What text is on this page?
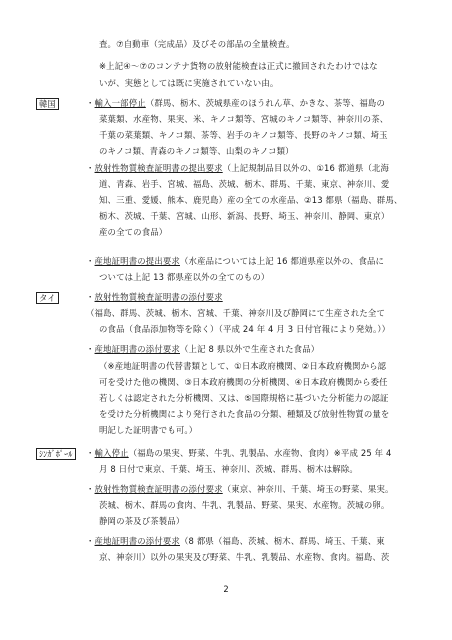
韓国
タイ
ｼﾝｶﾞﾎﾟｰﾙ
査。⑦自動車（完成品）及びその部品の全量検査。
※上記④～⑦のコンテナ貨物の放射能検査は正式に撤回されたわけではな
いが、実態としては既に実施されていない由。
・輸入一部停止（群馬、栃木、茨城県産のほうれん草、かきな、茶等、福島の
菜葉類、水産物、果実、米、キノコ類等、宮城のキノコ類等、神奈川の茶、
千葉の菜葉類、キノコ類、茶等、岩手のキノコ類等、長野のキノコ類、埼玉
のキノコ類、青森のキノコ類等、山梨のキノコ類）
・放射性物質検査証明書の提出要求（上記規制品目以外の、①16 都道県（北海
道、青森、岩手、宮城、福島、茨城、栃木、群馬、千葉、東京、神奈川、愛
知、三重、愛媛、熊本、鹿児島）産の全ての水産品、②13 都県（福島、群馬、
栃木、茨城、千葉、宮城、山形、新潟、長野、埼玉、神奈川、静岡、東京）
産の全ての食品）
・産地証明書の提出要求（水産品については上記 16 都道県産以外の、食品に
ついては上記 13 都県産以外の全てのもの）
・放射性物質検査証明書の添付要求
（福島、群馬、茨城、栃木、宮城、千葉、神奈川及び静岡にて生産された全て
の食品（食品添加物等を除く）（平成 24 年 4 月 3 日付官報により発効。））
・産地証明書の添付要求（上記 8 県以外で生産された食品）
（※産地証明書の代替書類として、①日本政府機関、②日本政府機関から認
可を受けた他の機関、③日本政府機関の分析機関、④日本政府機関から委任
若しくは認定された分析機関、又は、⑤国際規格に基づいた分析能力の認証
を受けた分析機関により発行された食品の分類、種類及び放射性物質の量を
明記した証明書でも可。）
・輸入停止（福島の果実、野菜、牛乳、乳製品、水産物、食肉）※平成 25 年 4
月 8 日付で東京、千葉、埼玉、神奈川、茨城、群馬、栃木は解除。
・放射性物質検査証明書の添付要求（東京、神奈川、千葉、埼玉の野菜、果実。
茨城、栃木、群馬の食肉、牛乳、乳製品、野菜、果実、水産物。茨城の卵。
静岡の茶及び茶製品）
・産地証明書の添付要求（8 都県（福島、茨城、栃木、群馬、埼玉、千葉、東
京、神奈川）以外の果実及び野菜、牛乳、乳製品、水産物、食肉。福島、茨
2
